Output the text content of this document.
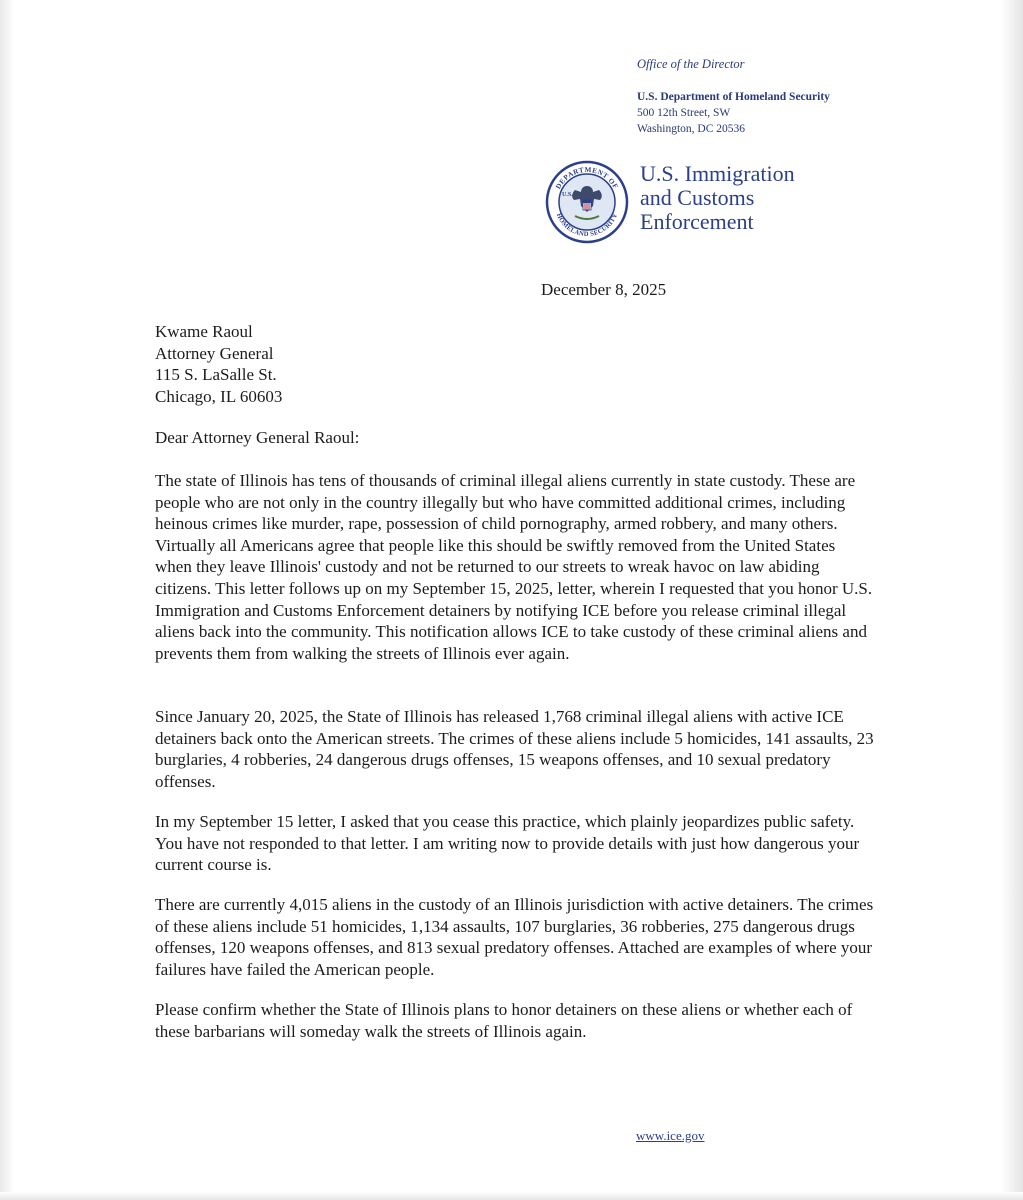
Office of the Director
U.S. Department of Homeland Security
500 12th Street, SW
Washington, DC 20536
DEPARTMENT OF
HOMELAND SECURITY
U.S.
U.S. Immigration
and Customs
Enforcement
December 8, 2025
Kwame Raoul
Attorney General
115 S. LaSalle St.
Chicago, IL 60603
Dear Attorney General Raoul:

The state of Illinois has tens of thousands of criminal illegal aliens currently in state custody. These are people who are not only in the country illegally but who have committed additional crimes, including heinous crimes like murder, rape, possession of child pornography, armed robbery, and many others. Virtually all Americans agree that people like this should be swiftly removed from the United States when they leave Illinois' custody and not be returned to our streets to wreak havoc on law abiding citizens. This letter follows up on my September 15, 2025, letter, wherein I requested that you honor U.S. Immigration and Customs Enforcement detainers by notifying ICE before you release criminal illegal aliens back into the community. This notification allows ICE to take custody of these criminal aliens and prevents them from walking the streets of Illinois ever again.

Since January 20, 2025, the State of Illinois has released 1,768 criminal illegal aliens with active ICE detainers back onto the American streets. The crimes of these aliens include 5 homicides, 141 assaults, 23 burglaries, 4 robberies, 24 dangerous drugs offenses, 15 weapons offenses, and 10 sexual predatory offenses.

In my September 15 letter, I asked that you cease this practice, which plainly jeopardizes public safety. You have not responded to that letter. I am writing now to provide details with just how dangerous your current course is.

There are currently 4,015 aliens in the custody of an Illinois jurisdiction with active detainers. The crimes of these aliens include 51 homicides, 1,134 assaults, 107 burglaries, 36 robberies, 275 dangerous drugs offenses, 120 weapons offenses, and 813 sexual predatory offenses. Attached are examples of where your failures have failed the American people.

Please confirm whether the State of Illinois plans to honor detainers on these aliens or whether each of these barbarians will someday walk the streets of Illinois again.

www.ice.gov
